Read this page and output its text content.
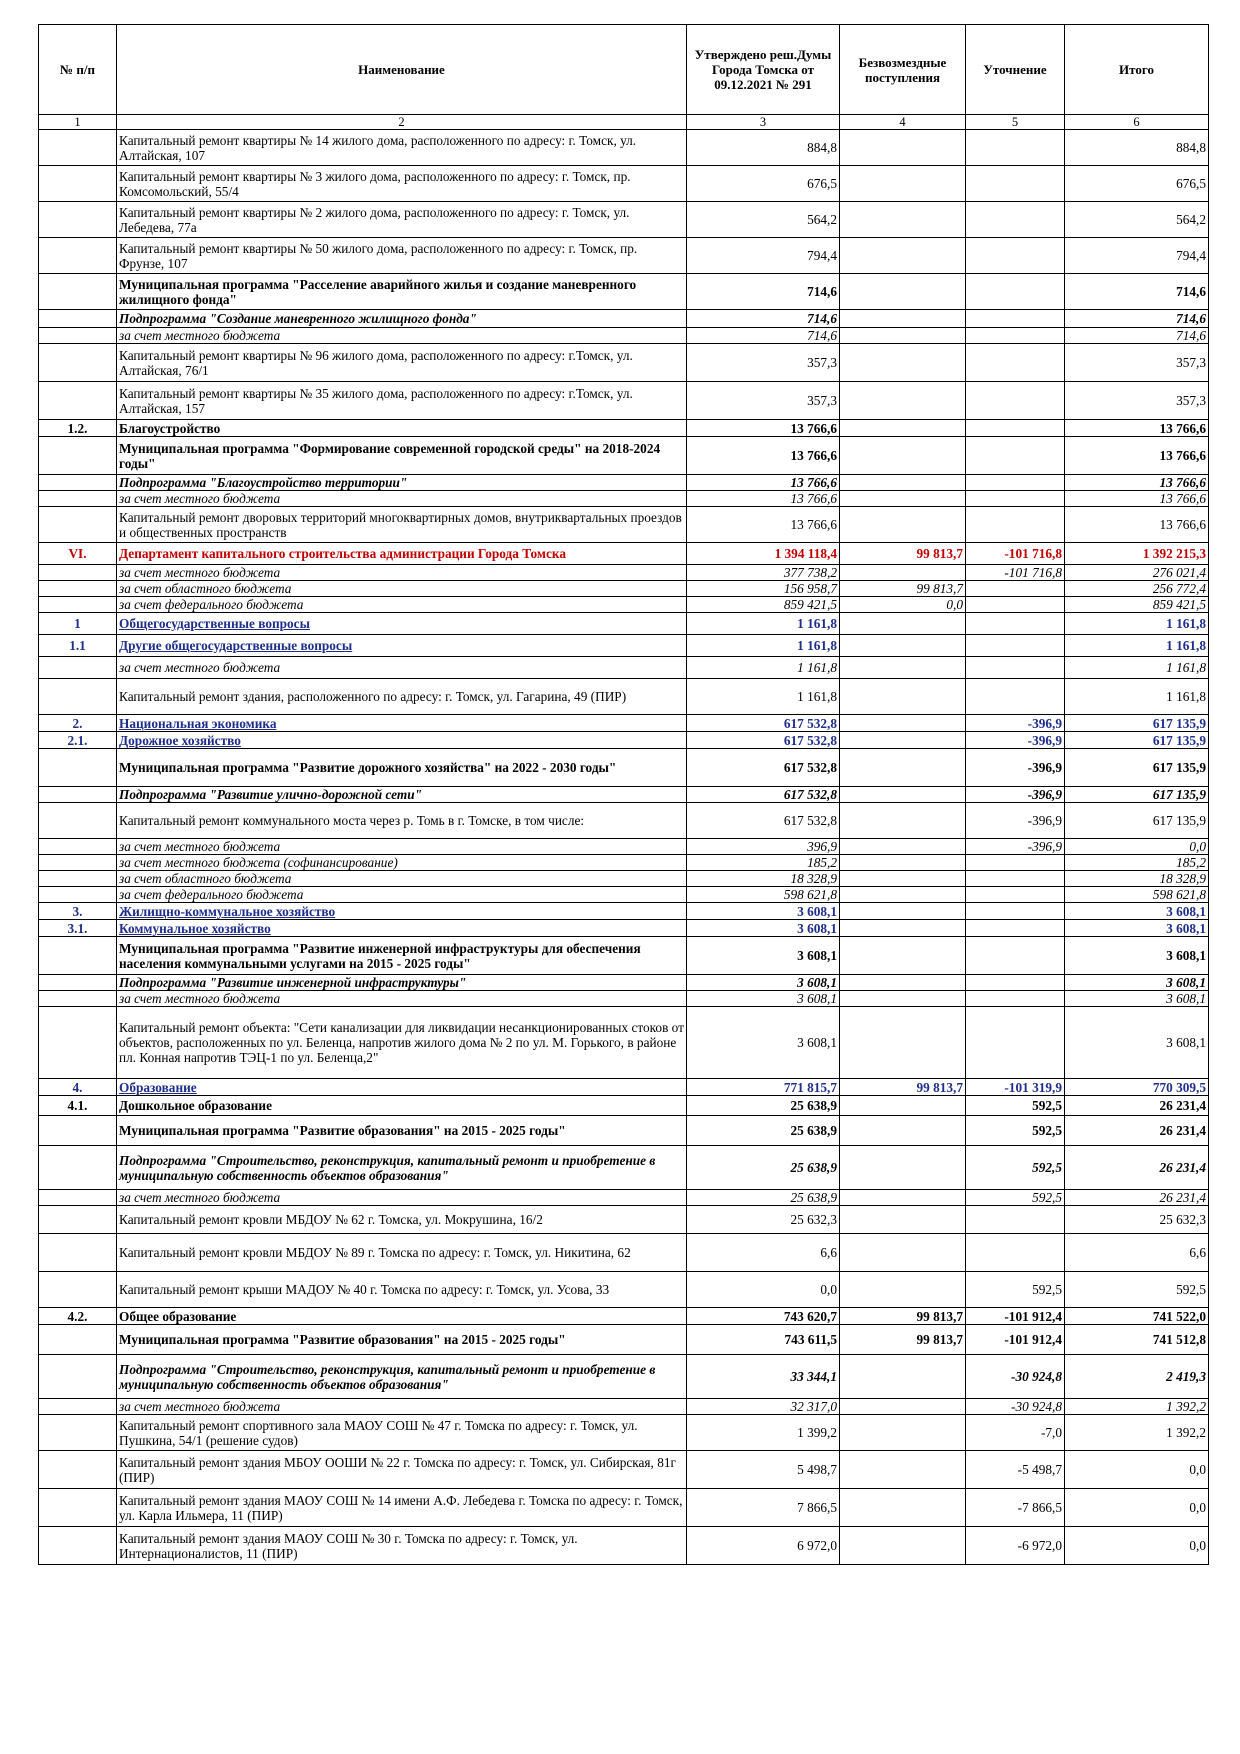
№ п/п	Наименование	Утверждено реш.Думы Города Томска от 09.12.2021 № 291	Безвозмездные поступления	Уточнение	Итого
1	2	3	4	5	6
	Капитальный ремонт квартиры № 14 жилого дома, расположенного по адресу: г. Томск, ул. Алтайская, 107	884,8			884,8
	Капитальный ремонт квартиры № 3 жилого дома, расположенного по адресу: г. Томск, пр. Комсомольский, 55/4	676,5			676,5
	Капитальный ремонт квартиры № 2 жилого дома, расположенного по адресу: г. Томск, ул. Лебедева, 77а	564,2			564,2
	Капитальный ремонт квартиры № 50 жилого дома, расположенного по адресу: г. Томск, пр. Фрунзе, 107	794,4			794,4
	Муниципальная программа "Расселение аварийного жилья и создание маневренного жилищного фонда"	714,6			714,6
	Подпрограмма "Создание маневренного жилищного фонда"	714,6			714,6
	за счет местного бюджета	714,6			714,6
	Капитальный ремонт квартиры № 96 жилого дома, расположенного по адресу: г.Томск, ул. Алтайская, 76/1	357,3			357,3
	Капитальный ремонт квартиры № 35 жилого дома, расположенного по адресу: г.Томск, ул. Алтайская, 157	357,3			357,3
1.2.	Благоустройство	13 766,6			13 766,6
	Муниципальная программа "Формирование современной городской среды" на 2018-2024 годы"	13 766,6			13 766,6
	Подпрограмма "Благоустройство территории"	13 766,6			13 766,6
	за счет местного бюджета	13 766,6			13 766,6
	Капитальный ремонт дворовых территорий многоквартирных домов, внутриквартальных проездов и общественных пространств	13 766,6			13 766,6
VI.	Департамент капитального строительства администрации Города Томска	1 394 118,4	99 813,7	-101 716,8	1 392 215,3
	за счет местного бюджета	377 738,2		-101 716,8	276 021,4
	за счет областного бюджета	156 958,7	99 813,7		256 772,4
	за счет федерального бюджета	859 421,5	0,0		859 421,5
1	Общегосударственные вопросы	1 161,8			1 161,8
1.1	Другие общегосударственные вопросы	1 161,8			1 161,8
	за счет местного бюджета	1 161,8			1 161,8
	Капитальный ремонт здания, расположенного по адресу: г. Томск, ул. Гагарина, 49 (ПИР)	1 161,8			1 161,8
2.	Национальная экономика	617 532,8		-396,9	617 135,9
2.1.	Дорожное хозяйство	617 532,8		-396,9	617 135,9
	Муниципальная программа "Развитие дорожного хозяйства" на 2022 - 2030 годы"	617 532,8		-396,9	617 135,9
	Подпрограмма "Развитие улично-дорожной сети"	617 532,8		-396,9	617 135,9
	Капитальный ремонт коммунального моста через р. Томь в г. Томске, в том числе:	617 532,8		-396,9	617 135,9
	за счет местного бюджета	396,9		-396,9	0,0
	за счет местного бюджета (софинансирование)	185,2			185,2
	за счет областного бюджета	18 328,9			18 328,9
	за счет федерального бюджета	598 621,8			598 621,8
3.	Жилищно-коммунальное хозяйство	3 608,1			3 608,1
3.1.	Коммунальное хозяйство	3 608,1			3 608,1
	Муниципальная программа "Развитие инженерной инфраструктуры для обеспечения населения коммунальными услугами на 2015 - 2025 годы"	3 608,1			3 608,1
	Подпрограмма "Развитие инженерной инфраструктуры"	3 608,1			3 608,1
	за счет местного бюджета	3 608,1			3 608,1
	Капитальный ремонт объекта: "Сети канализации для ликвидации несанкционированных стоков от объектов, расположенных по ул. Беленца, напротив жилого дома № 2 по ул. М. Горького, в районе пл. Конная напротив ТЭЦ-1 по ул. Беленца,2"	3 608,1			3 608,1
4.	Образование	771 815,7	99 813,7	-101 319,9	770 309,5
4.1.	Дошкольное образование	25 638,9		592,5	26 231,4
	Муниципальная программа "Развитие образования" на 2015 - 2025 годы"	25 638,9		592,5	26 231,4
	Подпрограмма "Строительство, реконструкция, капитальный ремонт и приобретение в муниципальную собственность объектов образования"	25 638,9		592,5	26 231,4
	за счет местного бюджета	25 638,9		592,5	26 231,4
	Капитальный ремонт кровли МБДОУ № 62 г. Томска, ул. Мокрушина, 16/2	25 632,3			25 632,3
	Капитальный ремонт кровли МБДОУ № 89 г. Томска по адресу: г. Томск, ул. Никитина, 62	6,6			6,6
	Капитальный ремонт крыши МАДОУ № 40 г. Томска по адресу: г. Томск, ул. Усова, 33	0,0		592,5	592,5
4.2.	Общее образование	743 620,7	99 813,7	-101 912,4	741 522,0
	Муниципальная программа "Развитие образования" на 2015 - 2025 годы"	743 611,5	99 813,7	-101 912,4	741 512,8
	Подпрограмма "Строительство, реконструкция, капитальный ремонт и приобретение в муниципальную собственность объектов образования"	33 344,1		-30 924,8	2 419,3
	за счет местного бюджета	32 317,0		-30 924,8	1 392,2
	Капитальный ремонт спортивного зала МАОУ СОШ № 47 г. Томска по адресу: г. Томск, ул. Пушкина, 54/1 (решение судов)	1 399,2		-7,0	1 392,2
	Капитальный ремонт здания МБОУ ООШИ № 22 г. Томска по адресу: г. Томск, ул. Сибирская, 81г (ПИР)	5 498,7		-5 498,7	0,0
	Капитальный ремонт здания МАОУ СОШ № 14 имени А.Ф. Лебедева г. Томска по адресу: г. Томск, ул. Карла Ильмера, 11 (ПИР)	7 866,5		-7 866,5	0,0
	Капитальный ремонт здания МАОУ СОШ № 30 г. Томска по адресу: г. Томск, ул. Интернационалистов, 11 (ПИР)	6 972,0		-6 972,0	0,0
